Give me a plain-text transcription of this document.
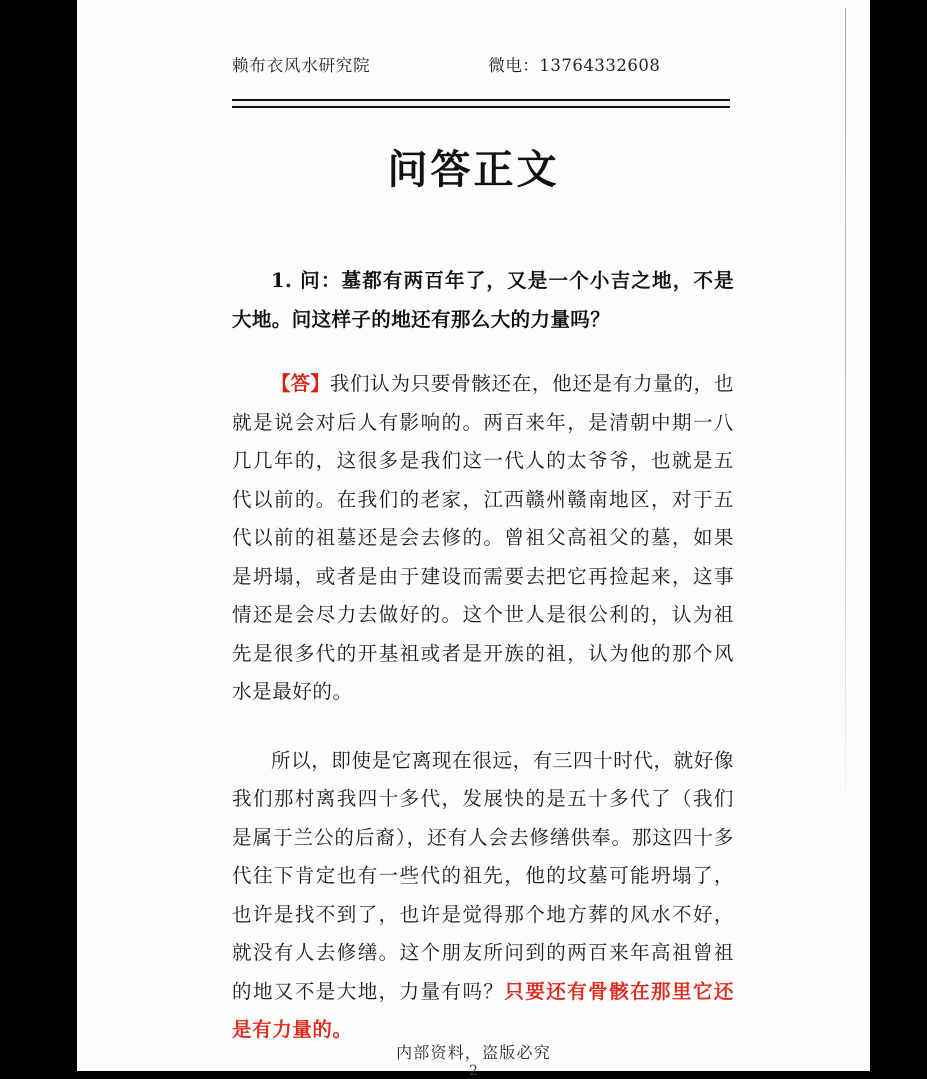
赖布衣风水研究院	微电：13764332608
问答正文

1. 问：墓都有两百年了，又是一个小吉之地，不是大地。问这样子的地还有那么大的力量吗？

【答】我们认为只要骨骸还在，他还是有力量的，也就是说会对后人有影响的。两百来年，是清朝中期一八几几年的，这很多是我们这一代人的太爷爷，也就是五代以前的。在我们的老家，江西赣州赣南地区，对于五代以前的祖墓还是会去修的。曾祖父高祖父的墓，如果是坍塌，或者是由于建设而需要去把它再捡起来，这事情还是会尽力去做好的。这个世人是很公利的，认为祖先是很多代的开基祖或者是开族的祖，认为他的那个风水是最好的。

所以，即使是它离现在很远，有三四十时代，就好像我们那村离我四十多代，发展快的是五十多代了（我们是属于兰公的后裔），还有人会去修缮供奉。那这四十多代往下肯定也有一些代的祖先，他的坟墓可能坍塌了，也许是找不到了，也许是觉得那个地方葬的风水不好，就没有人去修缮。这个朋友所问到的两百来年高祖曾祖的地又不是大地，力量有吗？只要还有骨骸在那里它还是有力量的。

内部资料，盗版必究
2
